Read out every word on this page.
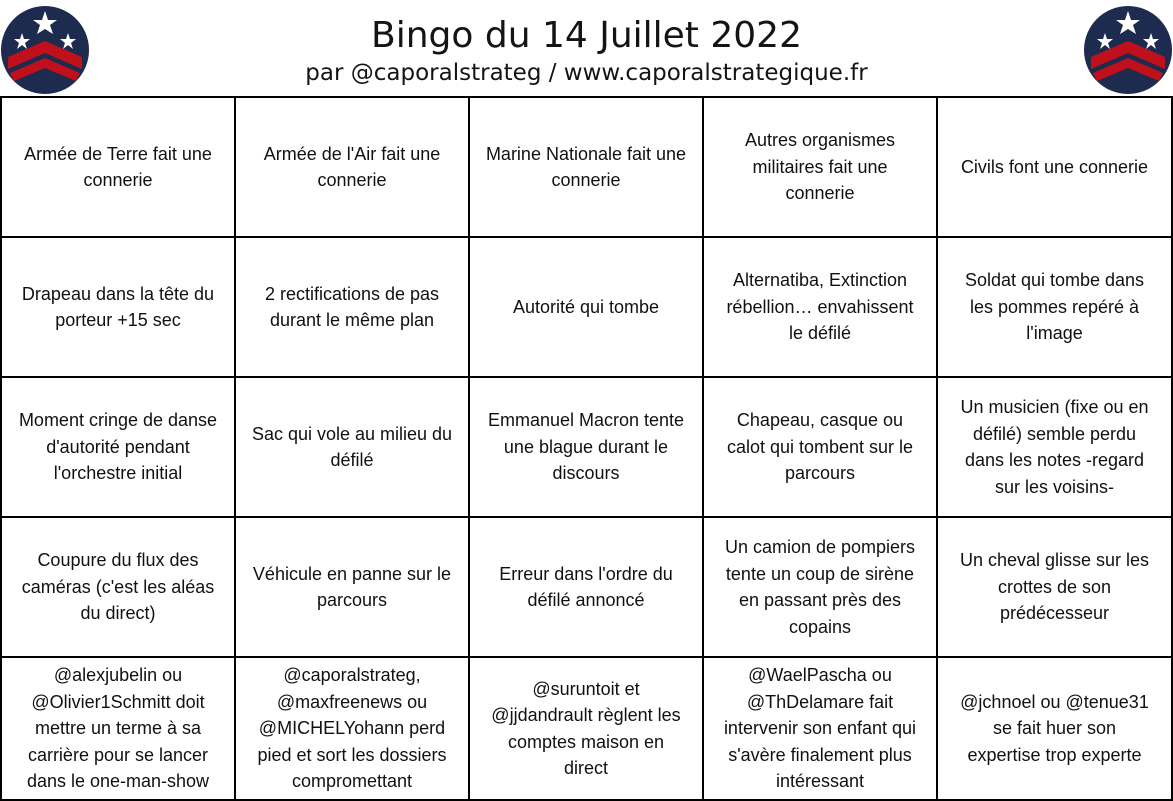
Bingo du 14 Juillet 2022
par @caporalstrateg / www.caporalstrategique.fr
Armée de Terre fait une
connerie
Armée de l'Air fait une
connerie
Marine Nationale fait une
connerie
Autres organismes
militaires fait une
connerie
Civils font une connerie
Drapeau dans la tête du
porteur +15 sec
2 rectifications de pas
durant le même plan
Autorité qui tombe
Alternatiba, Extinction
rébellion… envahissent
le défilé
Soldat qui tombe dans
les pommes repéré à
l'image
Moment cringe de danse
d'autorité pendant
l'orchestre initial
Sac qui vole au milieu du
défilé
Emmanuel Macron tente
une blague durant le
discours
Chapeau, casque ou
calot qui tombent sur le
parcours
Un musicien (fixe ou en
défilé) semble perdu
dans les notes -regard
sur les voisins-
Coupure du flux des
caméras (c'est les aléas
du direct)
Véhicule en panne sur le
parcours
Erreur dans l'ordre du
défilé annoncé
Un camion de pompiers
tente un coup de sirène
en passant près des
copains
Un cheval glisse sur les
crottes de son
prédécesseur
@alexjubelin ou
@Olivier1Schmitt doit
mettre un terme à sa
carrière pour se lancer
dans le one-man-show
@caporalstrateg,
@maxfreenews ou
@MICHELYohann perd
pied et sort les dossiers
compromettant
@suruntoit et
@jjdandrault règlent les
comptes maison en
direct
@WaelPascha ou
@ThDelamare fait
intervenir son enfant qui
s'avère finalement plus
intéressant
@jchnoel ou @tenue31
se fait huer son
expertise trop experte
